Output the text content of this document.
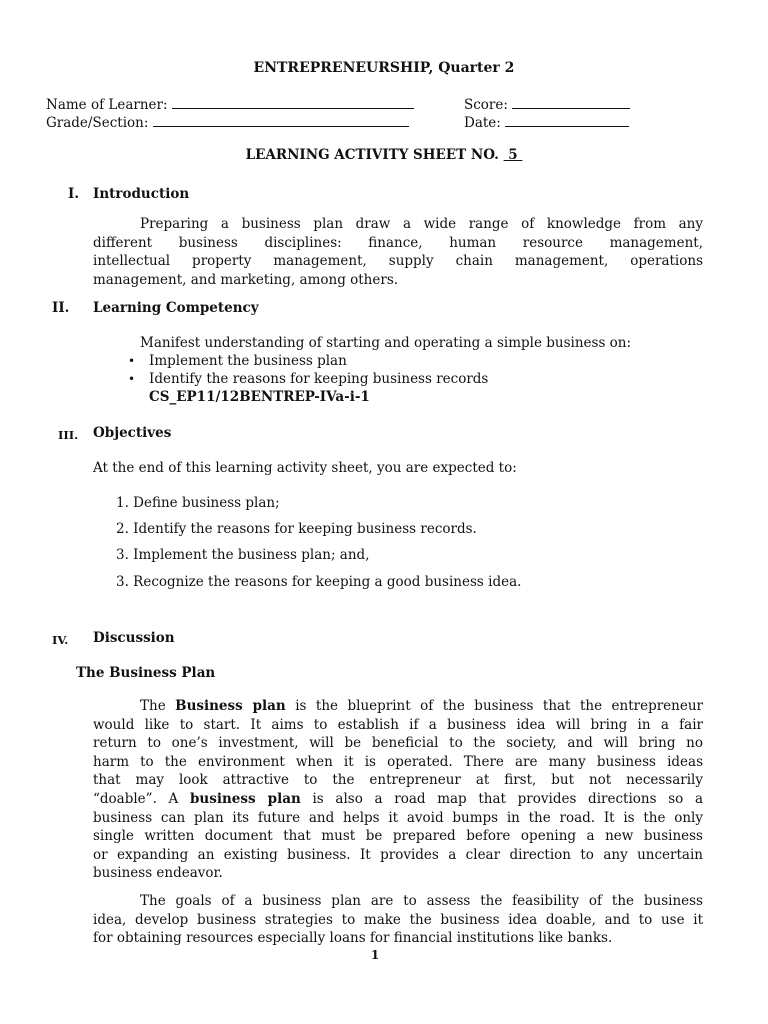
ENTREPRENEURSHIP, Quarter 2
Name of Learner:	Score:
Grade/Section:	Date:
LEARNING ACTIVITY SHEET NO. 5
I. Introduction
Preparing a business plan draw a wide range of knowledge from any
different business disciplines: finance, human resource management,
intellectual property management, supply chain management, operations
management, and marketing, among others.
II. Learning Competency
Manifest understanding of starting and operating a simple business on:
• Implement the business plan
• Identify the reasons for keeping business records
CS_EP11/12BENTREP-IVa-i-1
III. Objectives
At the end of this learning activity sheet, you are expected to:
1. Define business plan;
2. Identify the reasons for keeping business records.
3. Implement the business plan; and,
3. Recognize the reasons for keeping a good business idea.
IV. Discussion
The Business Plan
The Business plan is the blueprint of the business that the entrepreneur
would like to start. It aims to establish if a business idea will bring in a fair
return to one’s investment, will be beneficial to the society, and will bring no
harm to the environment when it is operated. There are many business ideas
that may look attractive to the entrepreneur at first, but not necessarily
“doable”. A business plan is also a road map that provides directions so a
business can plan its future and helps it avoid bumps in the road. It is the only
single written document that must be prepared before opening a new business
or expanding an existing business. It provides a clear direction to any uncertain
business endeavor.
The goals of a business plan are to assess the feasibility of the business
idea, develop business strategies to make the business idea doable, and to use it
for obtaining resources especially loans for financial institutions like banks.
1
